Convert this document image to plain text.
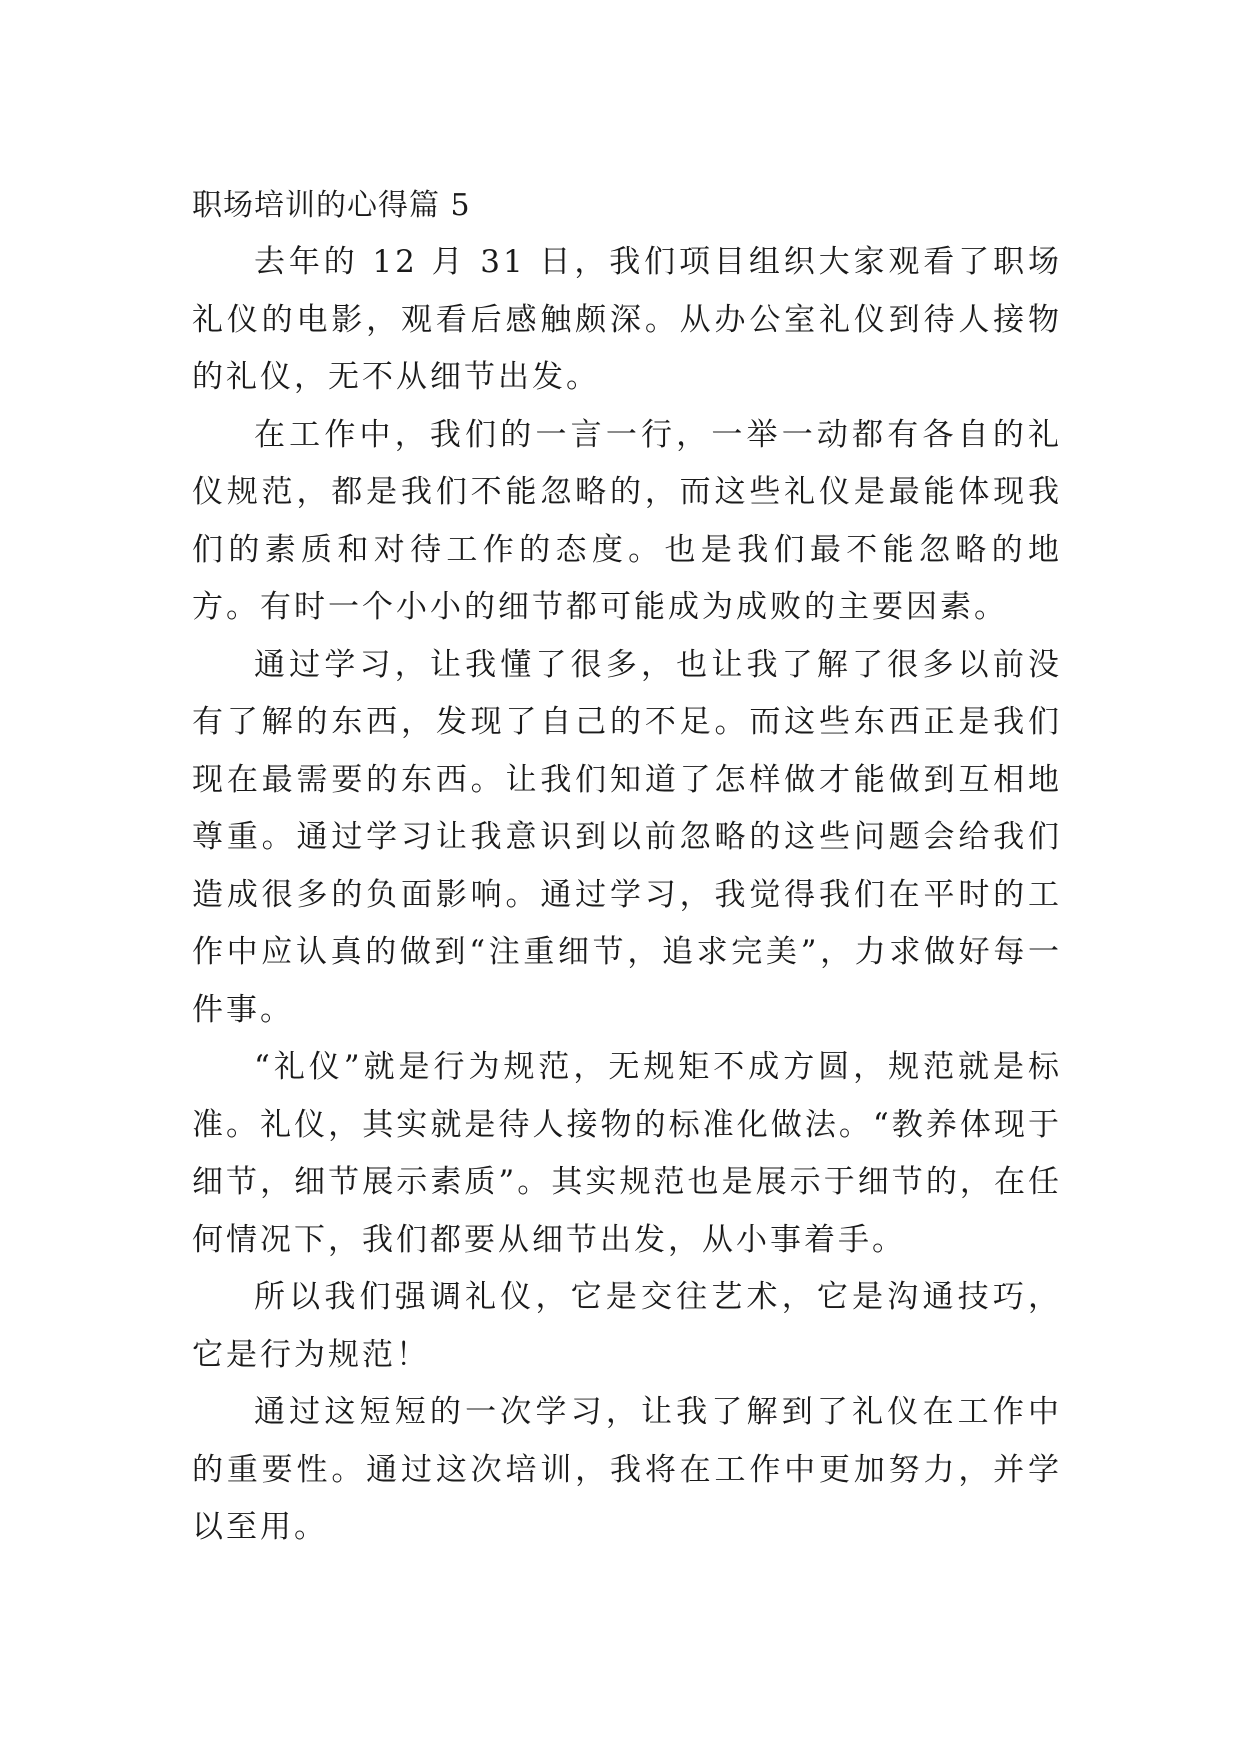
职场培训的心得篇 5

去年的 12 月 31 日，我们项目组织大家观看了职场礼仪的电影，观看后感触颇深。从办公室礼仪到待人接物的礼仪，无不从细节出发。

在工作中，我们的一言一行，一举一动都有各自的礼仪规范，都是我们不能忽略的，而这些礼仪是最能体现我们的素质和对待工作的态度。也是我们最不能忽略的地方。有时一个小小的细节都可能成为成败的主要因素。

通过学习，让我懂了很多，也让我了解了很多以前没有了解的东西，发现了自己的不足。而这些东西正是我们现在最需要的东西。让我们知道了怎样做才能做到互相地尊重。通过学习让我意识到以前忽略的这些问题会给我们造成很多的负面影响。通过学习，我觉得我们在平时的工作中应认真的做到“注重细节，追求完美”，力求做好每一件事。

“礼仪”就是行为规范，无规矩不成方圆，规范就是标准。礼仪，其实就是待人接物的标准化做法。“教养体现于细节，细节展示素质”。其实规范也是展示于细节的，在任何情况下，我们都要从细节出发，从小事着手。

所以我们强调礼仪，它是交往艺术，它是沟通技巧，它是行为规范！

通过这短短的一次学习，让我了解到了礼仪在工作中的重要性。通过这次培训，我将在工作中更加努力，并学以至用。
